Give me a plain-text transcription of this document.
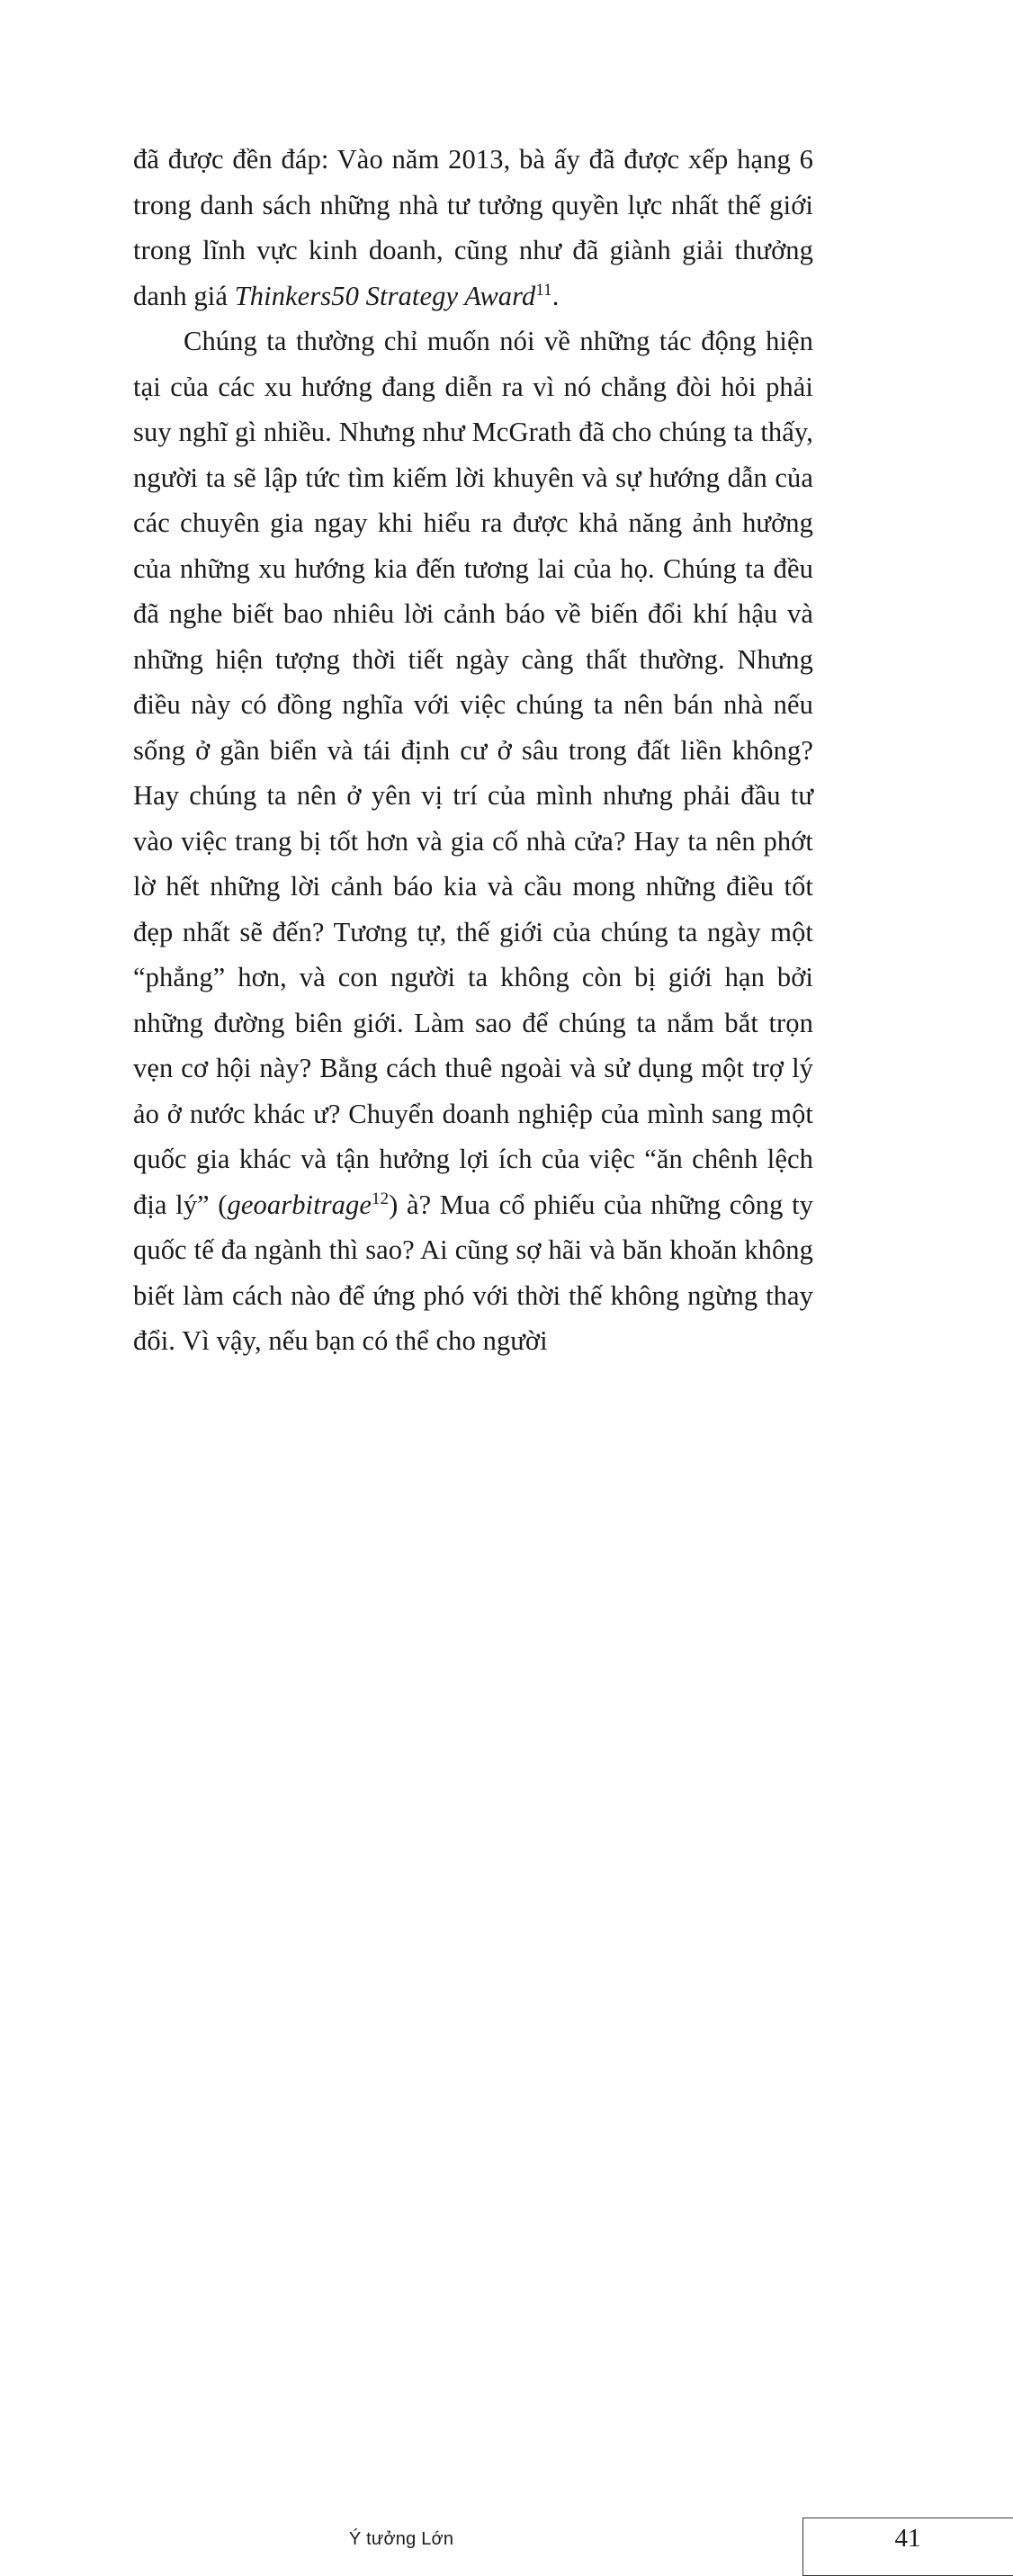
đã được đền đáp: Vào năm 2013, bà ấy đã được xếp hạng 6 trong danh sách những nhà tư tưởng quyền lực nhất thế giới trong lĩnh vực kinh doanh, cũng như đã giành giải thưởng danh giá Thinkers50 Strategy Award$^{11}$.

Chúng ta thường chỉ muốn nói về những tác động hiện tại của các xu hướng đang diễn ra vì nó chẳng đòi hỏi phải suy nghĩ gì nhiều. Nhưng như McGrath đã cho chúng ta thấy, người ta sẽ lập tức tìm kiếm lời khuyên và sự hướng dẫn của các chuyên gia ngay khi hiểu ra được khả năng ảnh hưởng của những xu hướng kia đến tương lai của họ. Chúng ta đều đã nghe biết bao nhiêu lời cảnh báo về biến đổi khí hậu và những hiện tượng thời tiết ngày càng thất thường. Nhưng điều này có đồng nghĩa với việc chúng ta nên bán nhà nếu sống ở gần biển và tái định cư ở sâu trong đất liền không? Hay chúng ta nên ở yên vị trí của mình nhưng phải đầu tư vào việc trang bị tốt hơn và gia cố nhà cửa? Hay ta nên phớt lờ hết những lời cảnh báo kia và cầu mong những điều tốt đẹp nhất sẽ đến? Tương tự, thế giới của chúng ta ngày một “phẳng” hơn, và con người ta không còn bị giới hạn bởi những đường biên giới. Làm sao để chúng ta nắm bắt trọn vẹn cơ hội này? Bằng cách thuê ngoài và sử dụng một trợ lý ảo ở nước khác ư? Chuyển doanh nghiệp của mình sang một quốc gia khác và tận hưởng lợi ích của việc “ăn chênh lệch địa lý” (geoarbitrage$^{12}$) à? Mua cổ phiếu của những công ty quốc tế đa ngành thì sao? Ai cũng sợ hãi và băn khoăn không biết làm cách nào để ứng phó với thời thế không ngừng thay đổi. Vì vậy, nếu bạn có thể cho người

Ý tưởng Lớn	41
